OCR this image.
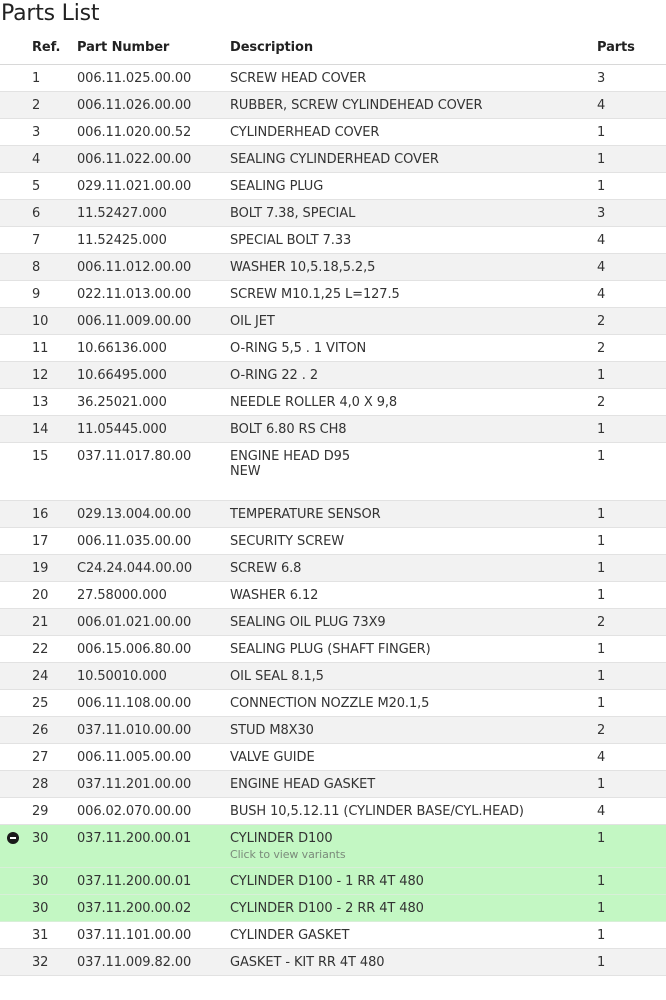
Parts List
	Ref.	Part Number	Description	Parts
	1	006.11.025.00.00	SCREW HEAD COVER	3
	2	006.11.026.00.00	RUBBER, SCREW CYLINDEHEAD COVER	4
	3	006.11.020.00.52	CYLINDERHEAD COVER	1
	4	006.11.022.00.00	SEALING CYLINDERHEAD COVER	1
	5	029.11.021.00.00	SEALING PLUG	1
	6	11.52427.000	BOLT 7.38, SPECIAL	3
	7	11.52425.000	SPECIAL BOLT 7.33	4
	8	006.11.012.00.00	WASHER 10,5.18,5.2,5	4
	9	022.11.013.00.00	SCREW M10.1,25 L=127.5	4
	10	006.11.009.00.00	OIL JET	2
	11	10.66136.000	O-RING 5,5 . 1 VITON	2
	12	10.66495.000	O-RING 22 . 2	1
	13	36.25021.000	NEEDLE ROLLER 4,0 X 9,8	2
	14	11.05445.000	BOLT 6.80 RS CH8	1
	15	037.11.017.80.00	ENGINE HEAD D95
NEW	1
	16	029.13.004.00.00	TEMPERATURE SENSOR	1
	17	006.11.035.00.00	SECURITY SCREW	1
	19	C24.24.044.00.00	SCREW 6.8	1
	20	27.58000.000	WASHER 6.12	1
	21	006.01.021.00.00	SEALING OIL PLUG 73X9	2
	22	006.15.006.80.00	SEALING PLUG (SHAFT FINGER)	1
	24	10.50010.000	OIL SEAL 8.1,5	1
	25	006.11.108.00.00	CONNECTION NOZZLE M20.1,5	1
	26	037.11.010.00.00	STUD M8X30	2
	27	006.11.005.00.00	VALVE GUIDE	4
	28	037.11.201.00.00	ENGINE HEAD GASKET	1
	29	006.02.070.00.00	BUSH 10,5.12.11 (CYLINDER BASE/CYL.HEAD)	4
	30	037.11.200.00.01	CYLINDER D100
Click to view variants	1
	30	037.11.200.00.01	CYLINDER D100 - 1 RR 4T 480	1
	30	037.11.200.00.02	CYLINDER D100 - 2 RR 4T 480	1
	31	037.11.101.00.00	CYLINDER GASKET	1
	32	037.11.009.82.00	GASKET - KIT RR 4T 480	1
